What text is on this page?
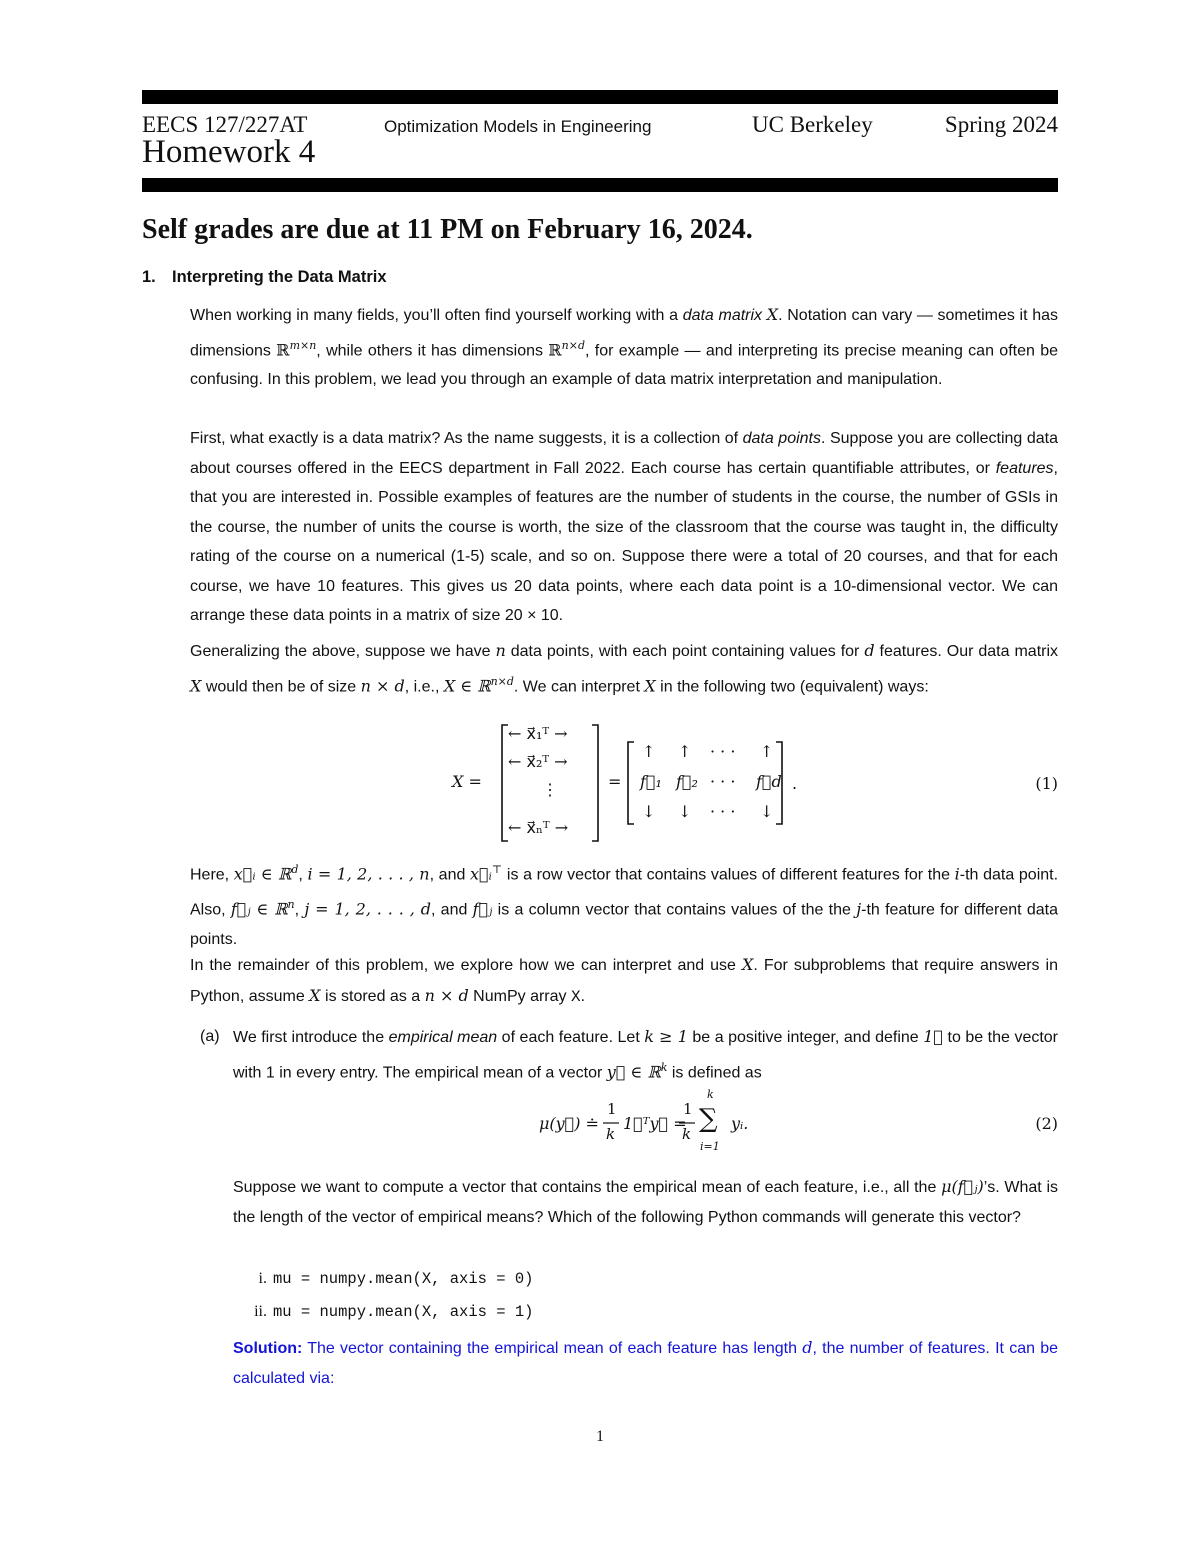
EECS 127/227AT	Optimization Models in Engineering	UC Berkeley	Spring 2024
Homework 4
Self grades are due at 11 PM on February 16, 2024.
1. Interpreting the Data Matrix
When working in many fields, you’ll often find yourself working with a data matrix X. Notation can vary — sometimes it has dimensions ℝ$^{m\times n}$, while others it has dimensions ℝ$^{n\times d}$, for example — and interpreting its precise meaning can often be confusing. In this problem, we lead you through an example of data matrix interpretation and manipulation.
First, what exactly is a data matrix? As the name suggests, it is a collection of data points. Suppose you are collecting data about courses offered in the EECS department in Fall 2022. Each course has certain quantifiable attributes, or features, that you are interested in. Possible examples of features are the number of students in the course, the number of GSIs in the course, the number of units the course is worth, the size of the classroom that the course was taught in, the difficulty rating of the course on a numerical (1-5) scale, and so on. Suppose there were a total of 20 courses, and that for each course, we have 10 features. This gives us 20 data points, where each data point is a 10-dimensional vector. We can arrange these data points in a matrix of size 20 × 10.
Generalizing the above, suppose we have n data points, with each point containing values for d features. Our data matrix X would then be of size n × d, i.e., X ∈ ℝ$^{n\times d}$. We can interpret X in the following two (equivalent) ways:
X =
← x⃗₁ᵀ →
← x⃗₂ᵀ →
⋮
← x⃗ₙᵀ →
=
↑ ↑ · · · ↑
f⃗₁ f⃗₂ · · · f⃗d
↓ ↓ · · · ↓
.	(1)
Here, x⃗ᵢ ∈ ℝ$^d$, i = 1, 2, . . . , n, and x⃗ᵢ⊤ is a row vector that contains values of different features for the i-th data point. Also, f⃗ⱼ ∈ ℝ$^n$, j = 1, 2, . . . , d, and f⃗ⱼ is a column vector that contains values of the the j-th feature for different data points.
In the remainder of this problem, we explore how we can interpret and use X. For subproblems that require answers in Python, assume X is stored as a n × d NumPy array X.
(a) We first introduce the empirical mean of each feature. Let k ≥ 1 be a positive integer, and define 1⃗ to be the vector with 1 in every entry. The empirical mean of a vector y⃗ ∈ ℝ$^k$ is defined as
μ(y⃗) ≐
1
k
1⃗ᵀy⃗ =
1
k
k
∑
i=1
yᵢ.	(2)
Suppose we want to compute a vector that contains the empirical mean of each feature, i.e., all the μ(f⃗ⱼ)’s. What is the length of the vector of empirical means? Which of the following Python commands will generate this vector?
i. mu = numpy.mean(X, axis = 0)
ii. mu = numpy.mean(X, axis = 1)
Solution: The vector containing the empirical mean of each feature has length d, the number of features. It can be calculated via:
1
